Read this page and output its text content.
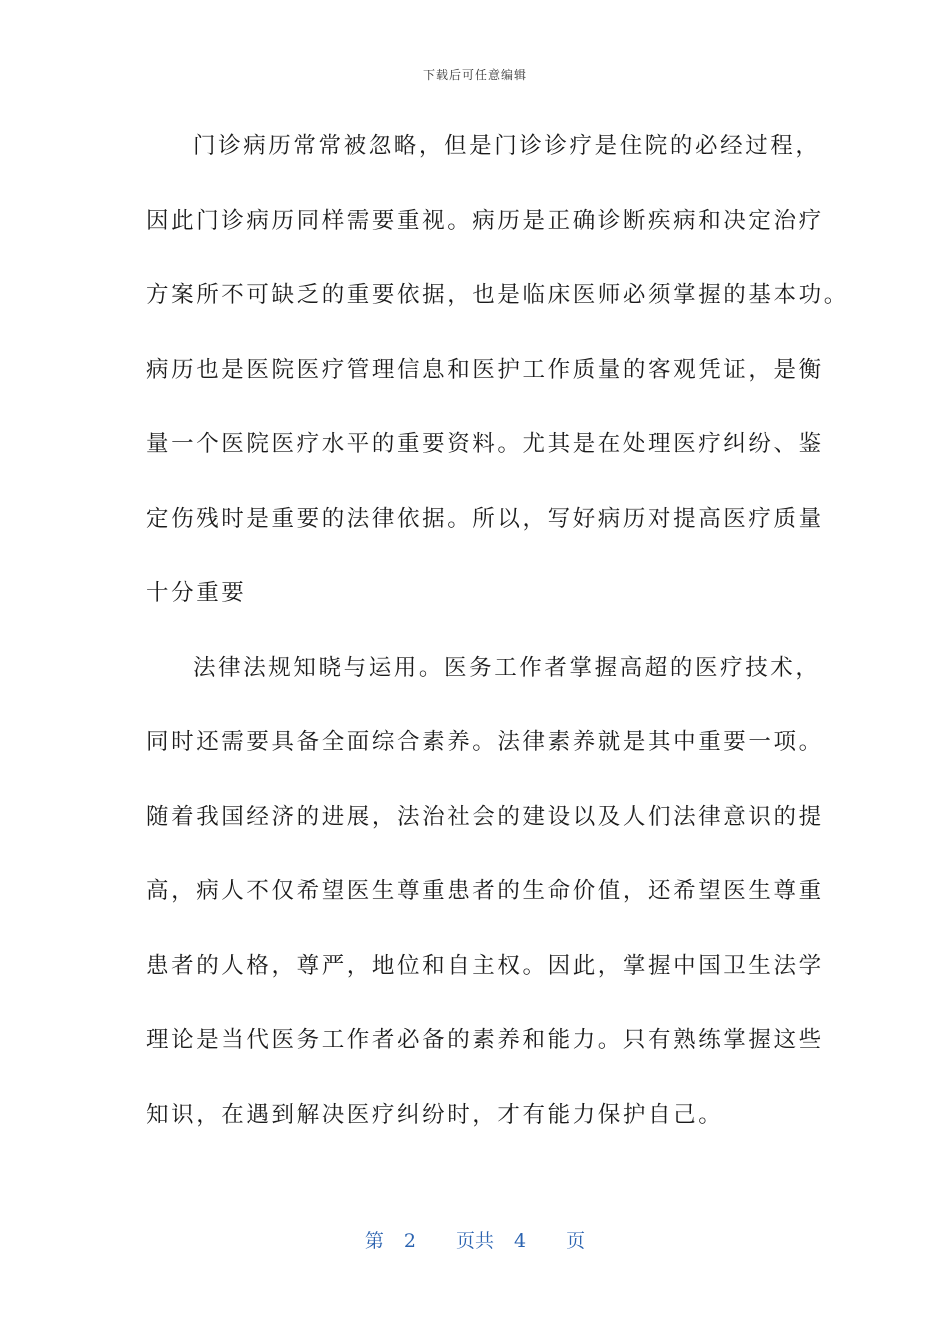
下载后可任意编辑
门诊病历常常被忽略，但是门诊诊疗是住院的必经过程，
因此门诊病历同样需要重视。病历是正确诊断疾病和决定治疗
方案所不可缺乏的重要依据，也是临床医师必须掌握的基本功。
病历也是医院医疗管理信息和医护工作质量的客观凭证，是衡
量一个医院医疗水平的重要资料。尤其是在处理医疗纠纷、鉴
定伤残时是重要的法律依据。所以，写好病历对提高医疗质量
十分重要
法律法规知晓与运用。医务工作者掌握高超的医疗技术，
同时还需要具备全面综合素养。法律素养就是其中重要一项。
随着我国经济的进展，法治社会的建设以及人们法律意识的提
高，病人不仅希望医生尊重患者的生命价值，还希望医生尊重
患者的人格，尊严，地位和自主权。因此，掌握中国卫生法学
理论是当代医务工作者必备的素养和能力。只有熟练掌握这些
知识，在遇到解决医疗纠纷时，才有能力保护自己。
第 2 页共 4 页
